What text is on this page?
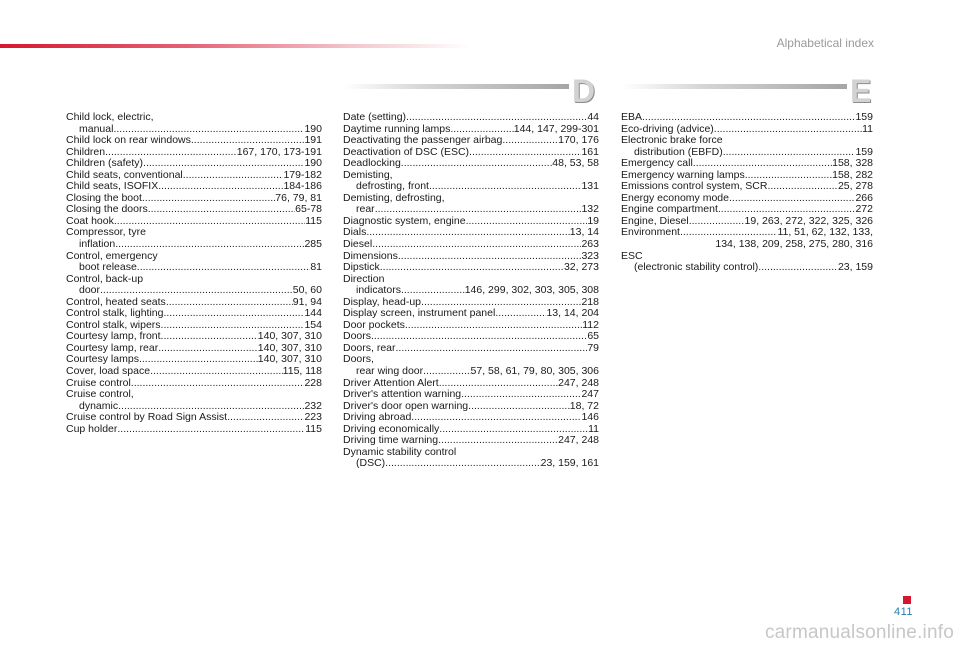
Alphabetical index
D	E
Child lock, electric,
manual .....	190
Child lock on rear windows .....	191
Children .....	167, 170, 173-191
Children (safety) .....	190
Child seats, conventional .....	179-182
Child seats, ISOFIX .....	184-186
Closing the boot .....	76, 79, 81
Closing the doors .....	65-78
Coat hook .....	115
Compressor, tyre
inflation .....	285
Control, emergency
boot release .....	81
Control, back-up
door .....	50, 60
Control, heated seats .....	91, 94
Control stalk, lighting .....	144
Control stalk, wipers .....	154
Courtesy lamp, front .....	140, 307, 310
Courtesy lamp, rear .....	140, 307, 310
Courtesy lamps .....	140, 307, 310
Cover, load space .....	115, 118
Cruise control .....	228
Cruise control,
dynamic .....	232
Cruise control by Road Sign Assist .....	223
Cup holder .....	115
Date (setting) .....	44
Daytime running lamps .....	144, 147, 299-301
Deactivating the passenger airbag .....	170, 176
Deactivation of DSC (ESC) .....	161
Deadlocking .....	48, 53, 58
Demisting,
defrosting, front .....	131
Demisting, defrosting,
rear .....	132
Diagnostic system, engine .....	19
Dials .....	13, 14
Diesel .....	263
Dimensions .....	323
Dipstick .....	32, 273
Direction
indicators .....	146, 299, 302, 303, 305, 308
Display, head-up .....	218
Display screen, instrument panel .....	13, 14, 204
Door pockets .....	112
Doors .....	65
Doors, rear .....	79
Doors,
rear wing door .....	57, 58, 61, 79, 80, 305, 306
Driver Attention Alert .....	247, 248
Driver's attention warning .....	247
Driver's door open warning .....	18, 72
Driving abroad .....	146
Driving economically .....	11
Driving time warning .....	247, 248
Dynamic stability control
(DSC) .....	23, 159, 161
EBA .....	159
Eco-driving (advice) .....	11
Electronic brake force
distribution (EBFD) .....	159
Emergency call .....	158, 328
Emergency warning lamps .....	158, 282
Emissions control system, SCR .....	25, 278
Energy economy mode .....	266
Engine compartment .....	272
Engine, Diesel .....	19, 263, 272, 322, 325, 326
Environment .....	11, 51, 62, 132, 133,
134, 138, 209, 258, 275, 280, 316
ESC
(electronic stability control) .....	23, 159
411
carmanualsonline.info
